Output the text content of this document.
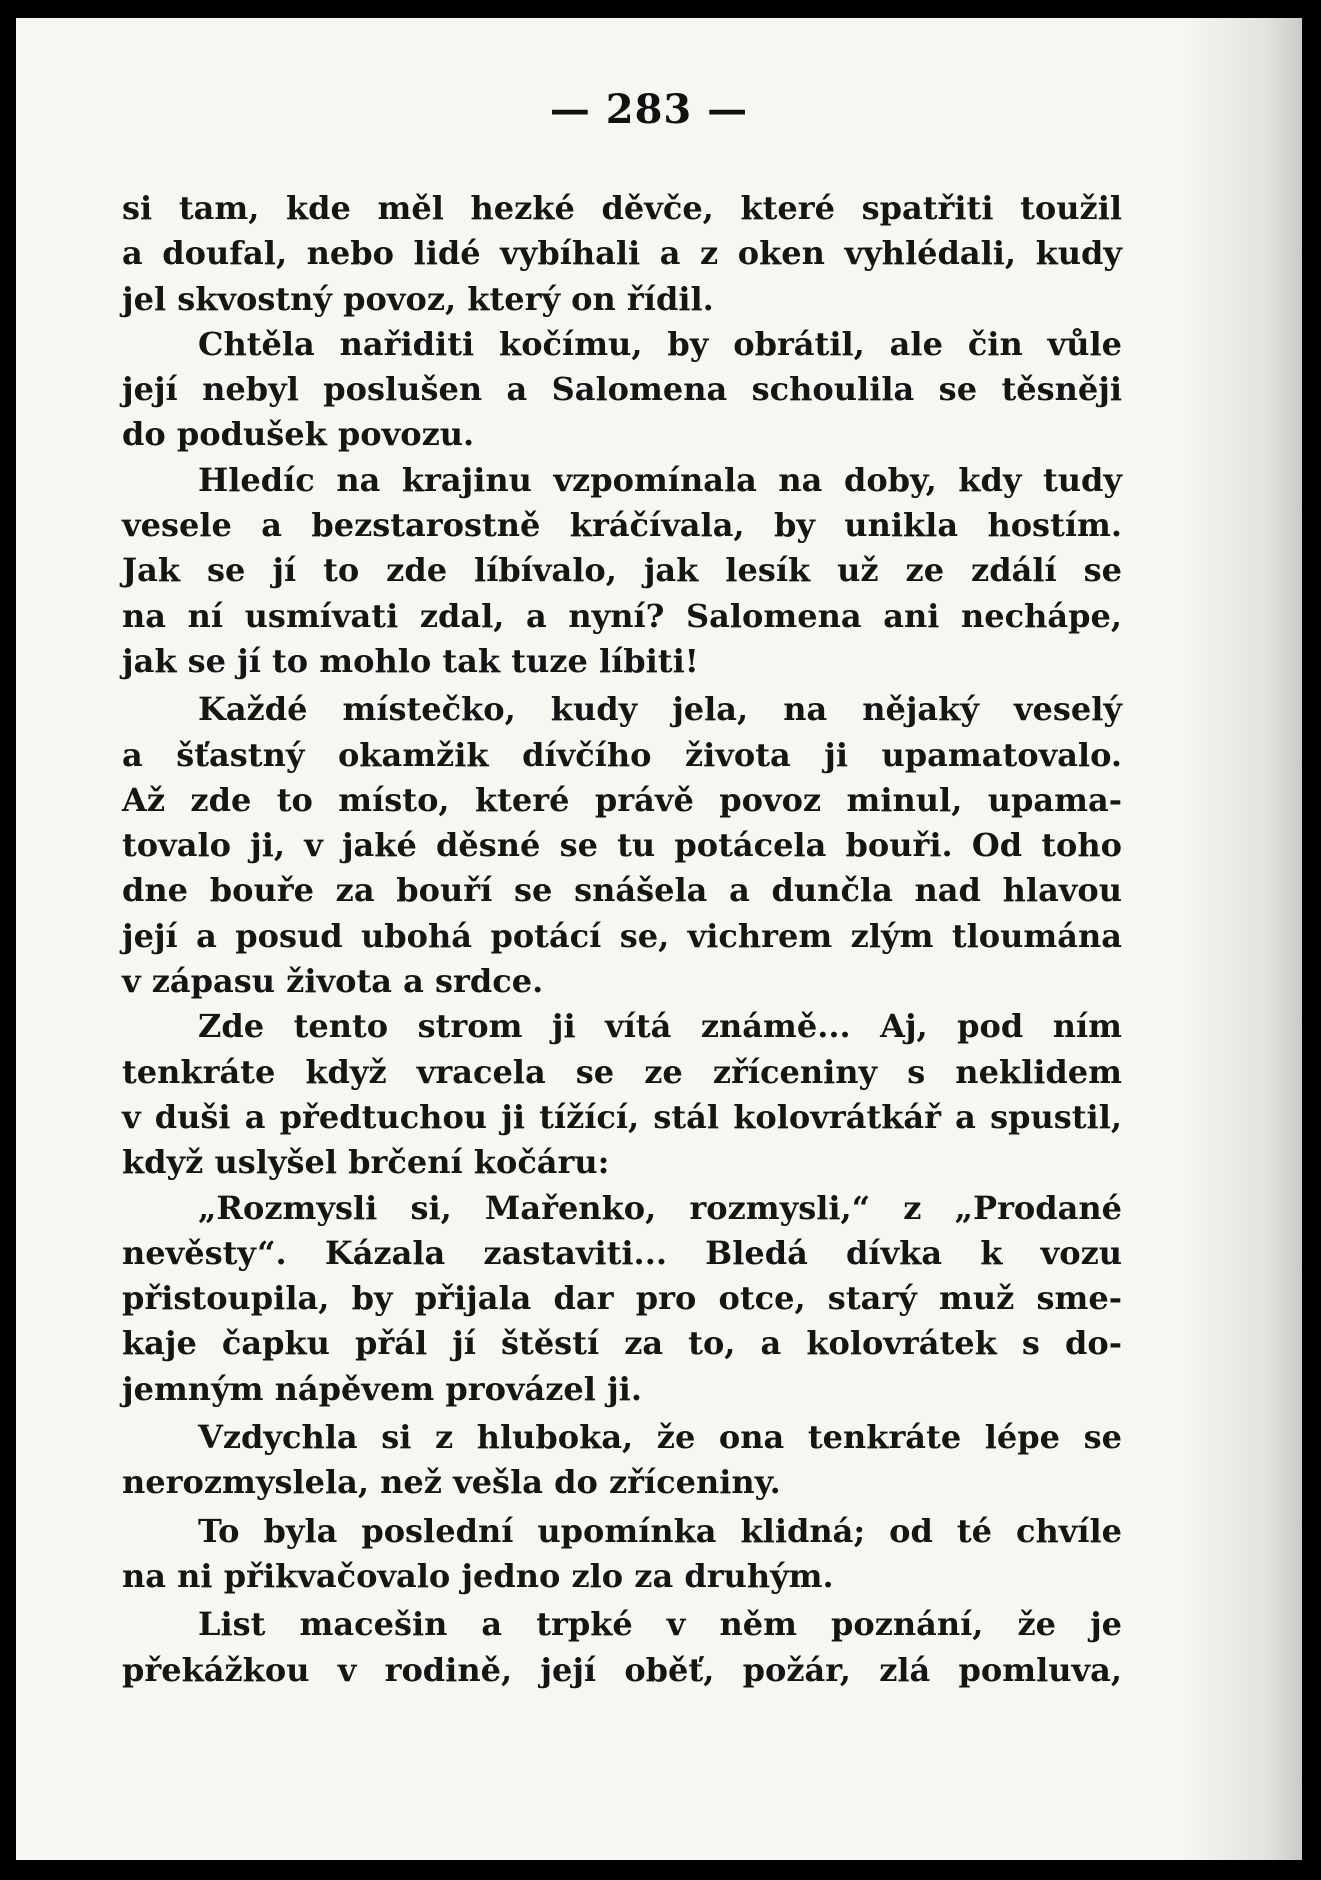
— 283 —
si tam, kde měl hezké děvče, které spatřiti toužil
a doufal, nebo lidé vybíhali a z oken vyhlédali, kudy
jel skvostný povoz, který on řídil.
Chtěla nařiditi kočímu, by obrátil, ale čin vůle
její nebyl poslušen a Salomena schoulila se těsněji
do podušek povozu.
Hledíc na krajinu vzpomínala na doby, kdy tudy
vesele a bezstarostně kráčívala, by unikla hostím.
Jak se jí to zde líbívalo, jak lesík už ze zdálí se
na ní usmívati zdal, a nyní? Salomena ani nechápe,
jak se jí to mohlo tak tuze líbiti!
Každé místečko, kudy jela, na nějaký veselý
a šťastný okamžik dívčího života ji upamatovalo.
Až zde to místo, které právě povoz minul, upama-
tovalo ji, v jaké děsné se tu potácela bouři. Od toho
dne bouře za bouří se snášela a dunčla nad hlavou
její a posud ubohá potácí se, vichrem zlým tloumána
v zápasu života a srdce.
Zde tento strom ji vítá známě... Aj, pod ním
tenkráte když vracela se ze zříceniny s neklidem
v duši a předtuchou ji tížící, stál kolovrátkář a spustil,
když uslyšel brčení kočáru:
„Rozmysli si, Mařenko, rozmysli,“ z „Prodané
nevěsty“. Kázala zastaviti... Bledá dívka k vozu
přistoupila, by přijala dar pro otce, starý muž sme-
kaje čapku přál jí štěstí za to, a kolovrátek s do-
jemným nápěvem provázel ji.
Vzdychla si z hluboka, že ona tenkráte lépe se
nerozmyslela, než vešla do zříceniny.
To byla poslední upomínka klidná; od té chvíle
na ni přikvačovalo jedno zlo za druhým.
List macešin a trpké v něm poznání, že je
překážkou v rodině, její oběť, požár, zlá pomluva,
